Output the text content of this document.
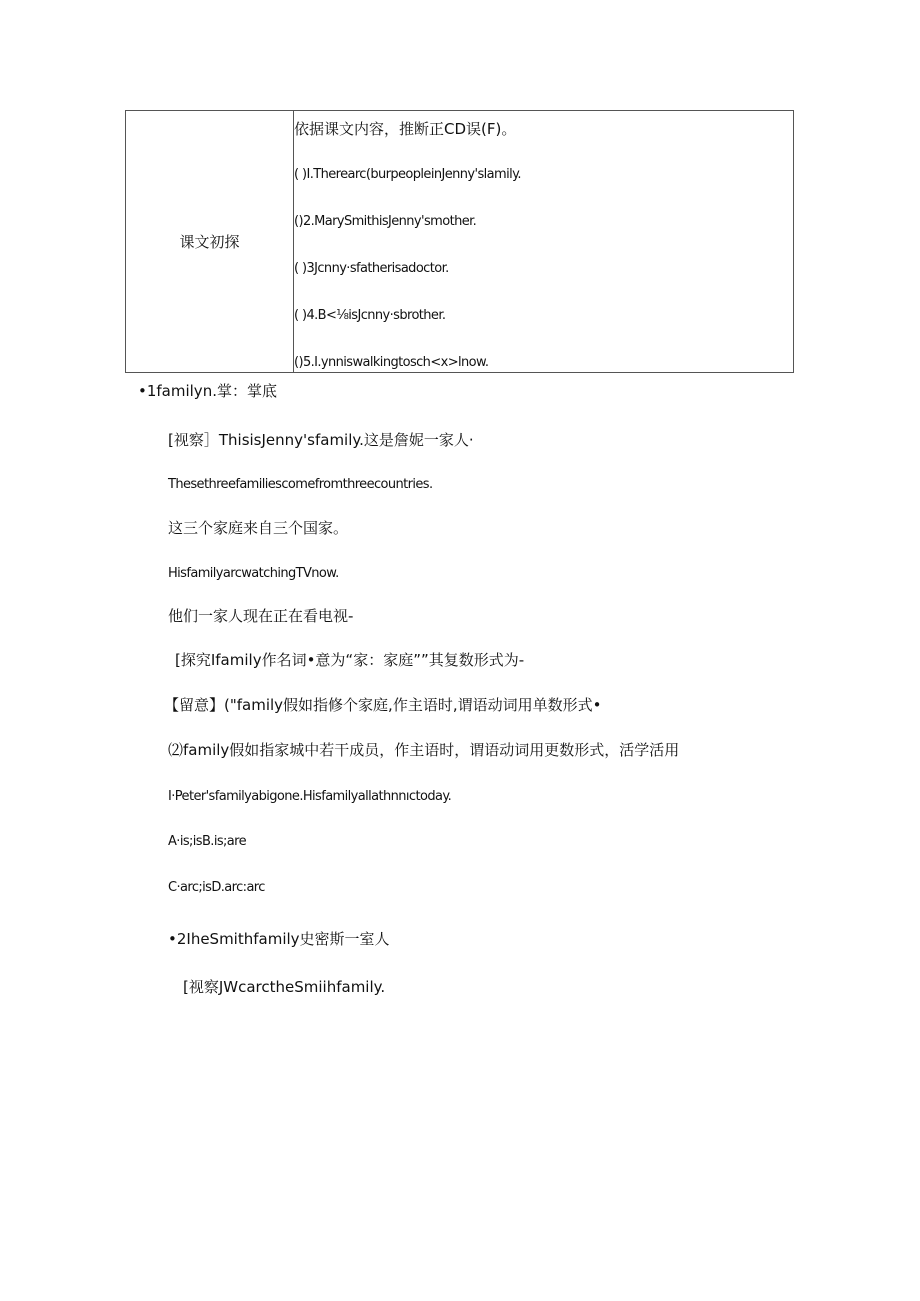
课文初探	
依据课文内容，推断正CD误(F)。
( )I.Therearc(burpeopleinJenny'slamily.
()2.MarySmithisJenny'smother.
( )3Jcnny·sfatherisadoctor.
( )4.B<⅛isJcnny·sbrother.
()5.I.ynniswalkingtosch<x>lnow.
•1familyn.掌：掌底
[视察］ThisisJenny'sfamily.这是詹妮一家人·
Thesethreefamiliescomefromthreecountries.
这三个家庭来自三个国家。
HisfamilyarcwatchingTVnow.
他们一家人现在正在看电视-
[探究Ifamily作名词•意为“家：家庭””其复数形式为-
【留意】("family假如指修个家庭,作主语时,谓语动词用单数形式•
⑵family假如指家城中若干成员，作主语时，谓语动词用更数形式，活学活用
I·Peter'sfamilyabigone.Hisfamilyallathnnıctoday.
A·is;isB.is;are
C·arc;isD.arc:arc
•2IheSmithfamily史密斯一室人
[视察JWcarctheSmiihfamily.
